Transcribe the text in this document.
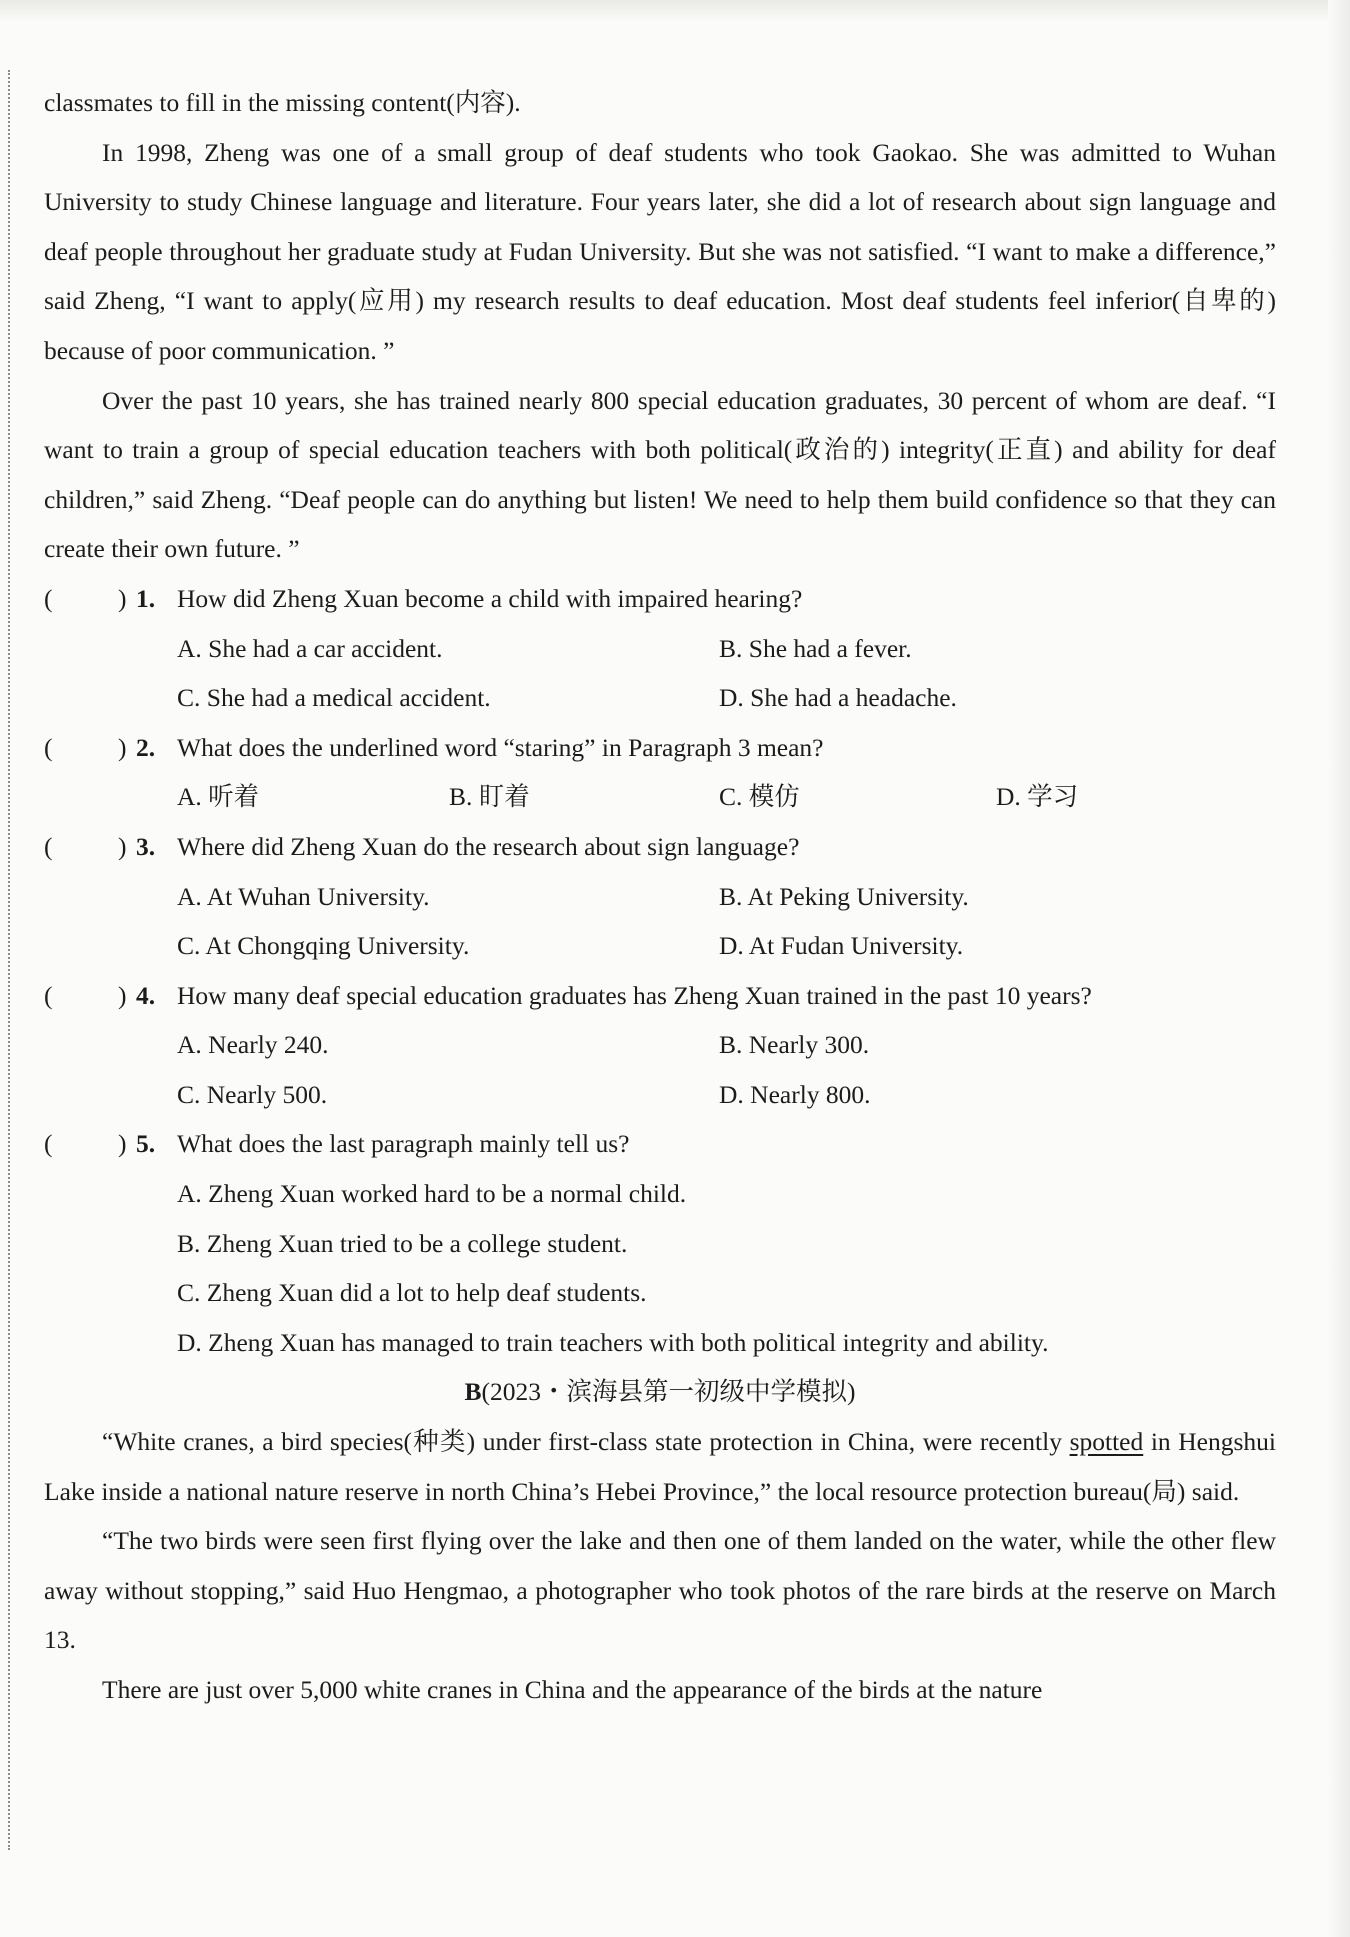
classmates to fill in the missing content(内容).

In 1998, Zheng was one of a small group of deaf students who took Gaokao. She was admitted to Wuhan University to study Chinese language and literature. Four years later, she did a lot of research about sign language and deaf people throughout her graduate study at Fudan University. But she was not satisfied. “I want to make a difference,” said Zheng, “I want to apply(应用) my research results to deaf education. Most deaf students feel inferior(自卑的) because of poor communication. ”

Over the past 10 years, she has trained nearly 800 special education graduates, 30 percent of whom are deaf. “I want to train a group of special education teachers with both political(政治的) integrity(正直) and ability for deaf children,” said Zheng. “Deaf people can do anything but listen! We need to help them build confidence so that they can create their own future. ”

(	) 1. How did Zheng Xuan become a child with impaired hearing?
A. She had a car accident.	B. She had a fever.
C. She had a medical accident.	D. She had a headache.
(	) 2. What does the underlined word “staring” in Paragraph 3 mean?
A. 听着	B. 盯着	C. 模仿	D. 学习
(	) 3. Where did Zheng Xuan do the research about sign language?
A. At Wuhan University.	B. At Peking University.
C. At Chongqing University.	D. At Fudan University.
(	) 4. How many deaf special education graduates has Zheng Xuan trained in the past 10 years?
A. Nearly 240.	B. Nearly 300.
C. Nearly 500.	D. Nearly 800.
(	) 5. What does the last paragraph mainly tell us?
A. Zheng Xuan worked hard to be a normal child.
B. Zheng Xuan tried to be a college student.
C. Zheng Xuan did a lot to help deaf students.
D. Zheng Xuan has managed to train teachers with both political integrity and ability.

B(2023・滨海县第一初级中学模拟)

“White cranes, a bird species(种类) under first-class state protection in China, were recently spotted in Hengshui Lake inside a national nature reserve in north China’s Hebei Province,” the local resource protection bureau(局) said.

“The two birds were seen first flying over the lake and then one of them landed on the water, while the other flew away without stopping,” said Huo Hengmao, a photographer who took photos of the rare birds at the reserve on March 13.

There are just over 5,000 white cranes in China and the appearance of the birds at the nature
